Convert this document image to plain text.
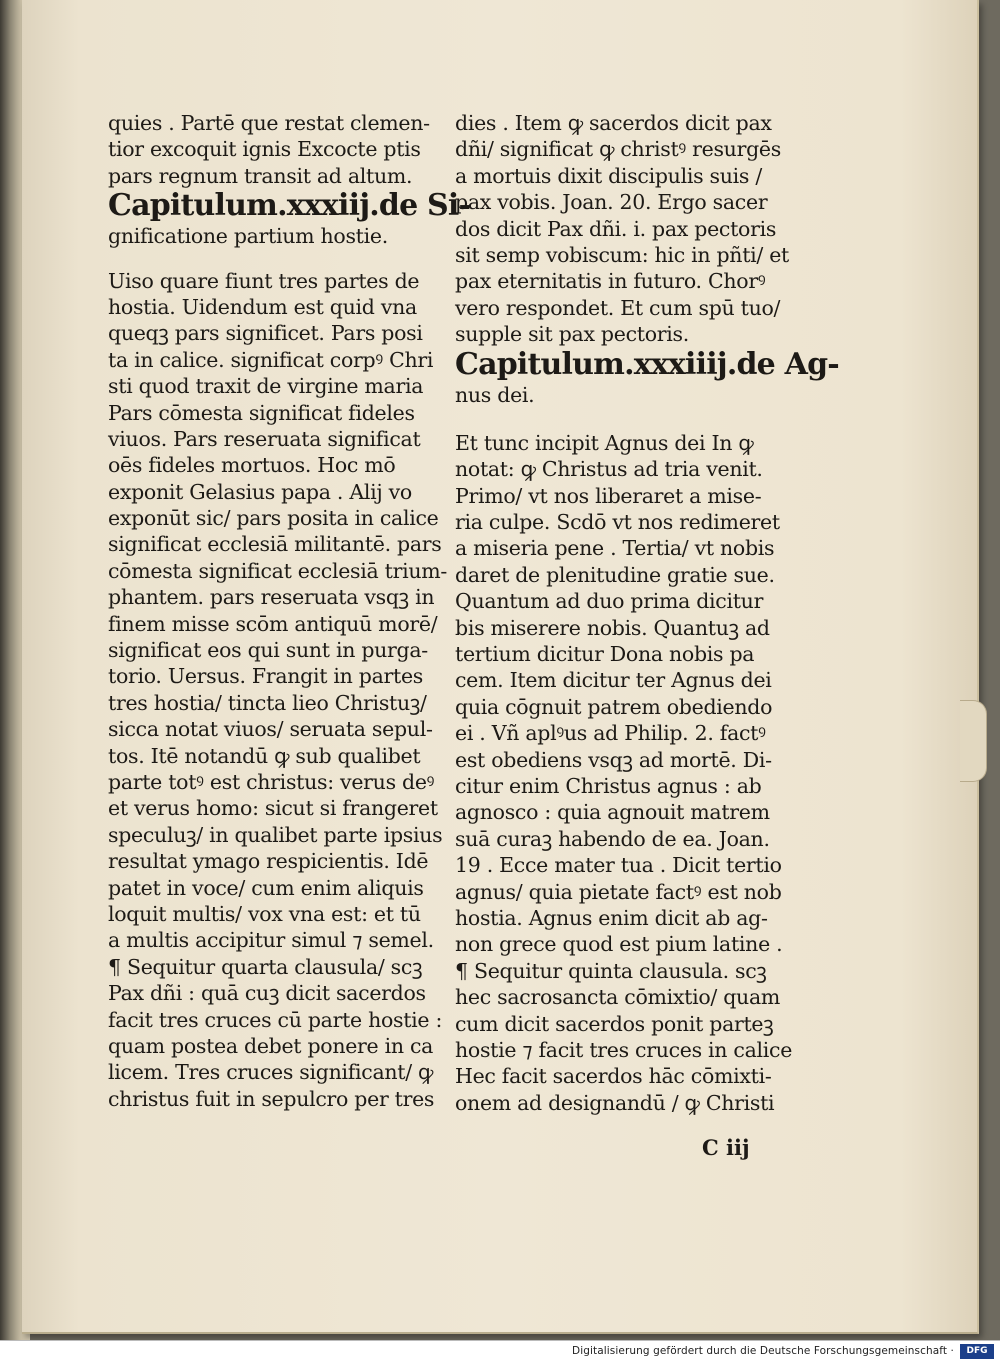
quies . Partē que restat clemen-
tior excoquit ignis Excocte ptis
pars regnum transit ad altum.
Capitulum.xxxiij.de Si-
gnificatione partium hostie.
Uiso quare fiunt tres partes de
hostia. Uidendum est quid vna
queqꝫ pars significet. Pars posi
ta in calice. significat corpꝰ Chri
sti quod traxit de virgine maria
Pars cōmesta significat fideles
viuos. Pars reseruata significat
oēs fideles mortuos. Hoc mō
exponit Gelasius papa . Alij vo
exponūt sic/ pars posita in calice
significat ecclesiā militantē. pars
cōmesta significat ecclesiā trium-
phantem. pars reseruata vsqꝫ in
finem misse scōm antiquū morē/
significat eos qui sunt in purga-
torio. Uersus. Frangit in partes
tres hostia/ tincta lieo Christuꝫ/
sicca notat viuos/ seruata sepul-
tos. Itē notandū ꝙ sub qualibet
parte totꝰ est christus: verus deꝰ
et verus homo: sicut si frangeret
speculuꝫ/ in qualibet parte ipsius
resultat ymago respicientis. Idē
patet in voce/ cum enim aliquis
loquit multis/ vox vna est: et tū
a multis accipitur simul ⁊ semel.
¶ Sequitur quarta clausula/ scꝫ
Pax dñi : quā cuꝫ dicit sacerdos
facit tres cruces cū parte hostie :
quam postea debet ponere in ca
licem. Tres cruces significant/ ꝙ
christus fuit in sepulcro per tres
dies . Item ꝙ sacerdos dicit pax
dñi/ significat ꝙ christꝰ resurgēs
a mortuis dixit discipulis suis /
pax vobis. Joan. 20. Ergo sacer
dos dicit Pax dñi. i. pax pectoris
sit semp vobiscum: hic in pñti/ et
pax eternitatis in futuro. Chorꝰ
vero respondet. Et cum spū tuo/
supple sit pax pectoris.
Capitulum.xxxiiij.de Ag-
nus dei.
Et tunc incipit Agnus dei In ꝙ
notat: ꝙ Christus ad tria venit.
Primo/ vt nos liberaret a mise-
ria culpe. Scdō vt nos redimeret
a miseria pene . Tertia/ vt nobis
daret de plenitudine gratie sue.
Quantum ad duo prima dicitur
bis miserere nobis. Quantuꝫ ad
tertium dicitur Dona nobis pa
cem. Item dicitur ter Agnus dei
quia cōgnuit patrem obediendo
ei . Vñ aplꝰus ad Philip. 2. factꝰ
est obediens vsqꝫ ad mortē. Di-
citur enim Christus agnus : ab
agnosco : quia agnouit matrem
suā curaꝫ habendo de ea. Joan.
19 . Ecce mater tua . Dicit tertio
agnus/ quia pietate factꝰ est nob
hostia. Agnus enim dicit ab ag-
non grece quod est pium latine .
¶ Sequitur quinta clausula. scꝫ
hec sacrosancta cōmixtio/ quam
cum dicit sacerdos ponit parteꝫ
hostie ⁊ facit tres cruces in calice
Hec facit sacerdos hāc cōmixti-
onem ad designandū / ꝙ Christi
C iij
Digitalisierung gefördert durch die Deutsche Forschungsgemeinschaft ·	DFG
